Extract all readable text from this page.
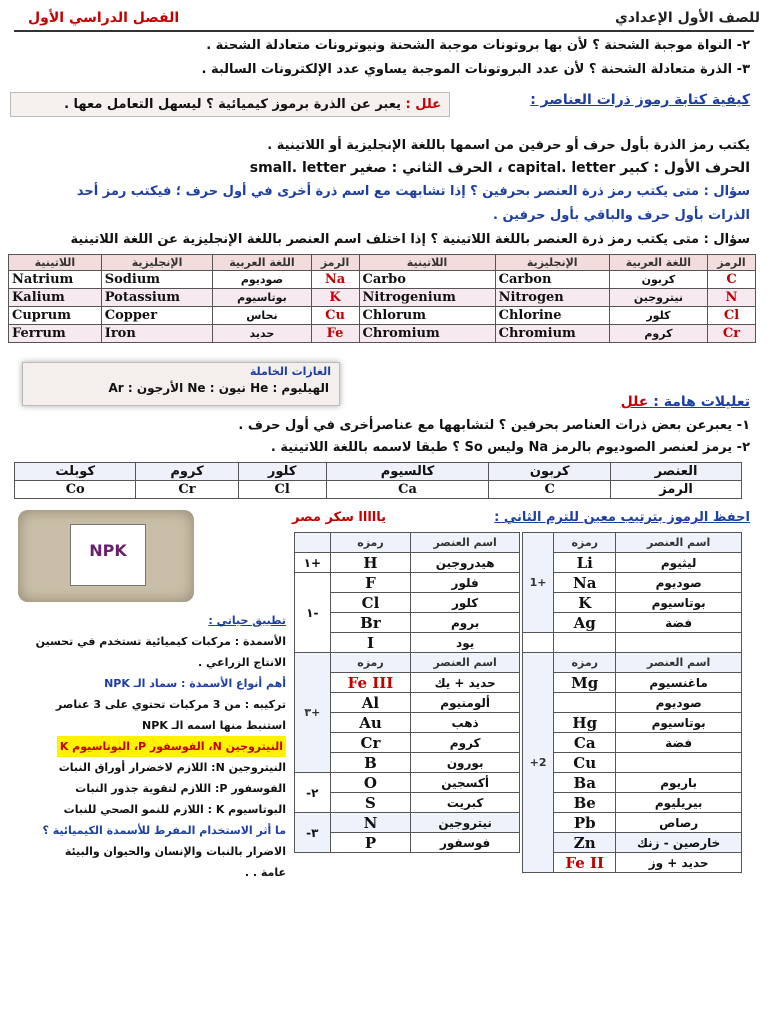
للصف الأول الإعدادي
الفصل الدراسي الأول
٢- النواة موجبة الشحنة ؟ لأن بها بروتونات موجبة الشحنة ونيوترونات متعادلة الشحنة .
٣- الذرة متعادلة الشحنة ؟ لأن عدد البروتونات الموجبة يساوي عدد الإلكترونات السالبة .
كيفية كتابة رموز ذرات العناصر :
علل : يعبر عن الذرة برموز كيميائية ؟ ليسهل التعامل معها .
يكتب رمز الذرة بأول حرف أو حرفين من اسمها باللغة الإنجليزية أو اللاتينية .
الحرف الأول : كبير capital. letter ، الحرف الثاني : صغير small. letter
سؤال : متى يكتب رمز ذرة العنصر بحرفين ؟ إذا تشابهت مع اسم ذرة أخرى في أول حرف ؛ فيكتب رمز أحد
الذرات بأول حرف والباقي بأول حرفين .
سؤال : متى يكتب رمز ذرة العنصر باللغة اللاتينية ؟ إذا اختلف اسم العنصر باللغة الإنجليزية عن اللغة اللاتينية
الرمز	اللغة العربية	الإنجليزية	اللاتينية	الرمز	اللغة العربية	الإنجليزية	اللاتينية
C	كربون	Carbon	Carbo	Na	صوديوم	Sodium	Natrium
N	نيتروجين	Nitrogen	Nitrogenium	K	بوتاسيوم	Potassium	Kalium
Cl	كلور	Chlorine	Chlorum	Cu	نحاس	Copper	Cuprum
Cr	كروم	Chromium	Chromium	Fe	حديد	Iron	Ferrum
الغازات الخاملة
الهيليوم : He نيون : Ne الأرجون : Ar
تعليلات هامة : علل
١- يعبرعن بعض ذرات العناصر بحرفين ؟ لتشابهها مع عناصرأخرى في أول حرف .
٢- يرمز لعنصر الصوديوم بالرمز Na وليس So ؟ طبقا لاسمه باللغة اللاتينية .
العنصر	كربون	كالسيوم	كلور	كروم	كوبلت
الرمز	C	Ca	Cl	Cr	Co
احفظ الرموز بترتيب معين للترم الثاني :
يااااا سكر مصر
اسم العنصر	رمزه	+1
ليثيوم	Li	
صوديوم	Na	
بوتاسيوم	K	
فضة	Ag	

اسم العنصر	رمزه	2+
ماغنسيوم	Mg	
صوديوم		
بوتاسيوم	Hg	
فضة	Ca	
	Cu	
باريوم	Ba	
بيريليوم	Be	
رصاص	Pb	
خارصين - زنك	Zn	
حديد + وز	Fe II	
اسم العنصر	رمزه	
هيدروجين	H	+١
فلور	F	-١
كلور	Cl	
بروم	Br	
يود	I	
اسم العنصر	رمزه	+٣
حديد + يك	Fe III	
ألومنيوم	Al	
ذهب	Au	
كروم	Cr	
بورون	B	
أكسجين	O	٢-
كبريت	S	
نيتروجين	N	٣-
فوسفور	P	
NPK
تطبيق حياتي :
الأسمدة : مركبات كيميائية تستخدم في تحسين
الانتاج الزراعي .
أهم أنواع الأسمدة : سماد الـ NPK
تركيبه : من 3 مركبات تحتوي على 3 عناصر
استنبط منها اسمه الـ NPK
النيتروجين N، الفوسفور P، البوتاسيوم K
النيتروجين N: اللازم لاخضرار أوراق النبات
الفوسفور P: اللازم لتقوية جذور النبات
البوتاسيوم K : اللازم للنمو الصحي للنبات
ما أثر الاستخدام المفرط للأسمدة الكيميائية ؟
الاضرار بالنبات والإنسان والحيوان والبيئة
عامة . .
